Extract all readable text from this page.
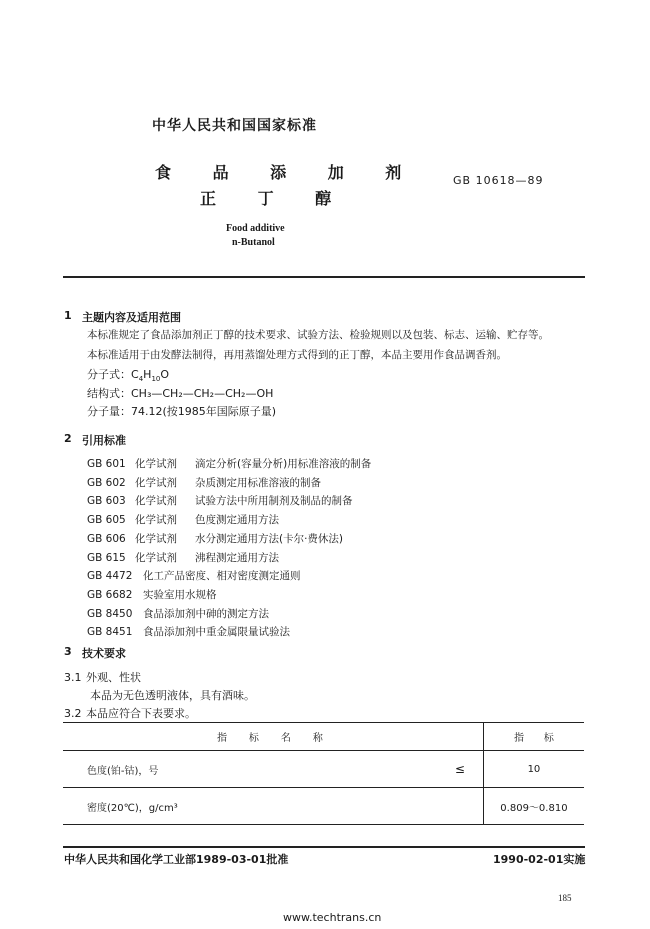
中华人民共和国国家标准
食 品 添 加 剂
正 丁 醇
GB 10618—89
Food additive
n-Butanol
1 主题内容及适用范围
本标准规定了食品添加剂正丁醇的技术要求、试验方法、检验规则以及包装、标志、运输、贮存等。
本标准适用于由发酵法制得，再用蒸馏处理方式得到的正丁醇，本品主要用作食品调香剂。
分子式：$C_4H_{10}O$
结构式：CH₃—CH₂—CH₂—CH₂—OH
分子量：74.12(按1985年国际原子量)
2 引用标准
GB 601 化学试剂 滴定分析(容量分析)用标准溶液的制备
GB 602 化学试剂 杂质测定用标准溶液的制备
GB 603 化学试剂 试验方法中所用制剂及制品的制备
GB 605 化学试剂 色度测定通用方法
GB 606 化学试剂 水分测定通用方法(卡尔·费休法)
GB 615 化学试剂 沸程测定通用方法
GB 4472 化工产品密度、相对密度测定通则
GB 6682 实验室用水规格
GB 8450 食品添加剂中砷的测定方法
GB 8451 食品添加剂中重金属限量试验法
3 技术要求
3.1 外观、性状
本品为无色透明液体，具有酒味。
3.2 本品应符合下表要求。
指　标　名　称		指　　标
色度(铂-钴)，号	≤	10
密度(20℃)，g/cm³		0.809～0.810
中华人民共和国化学工业部1989-03-01批准	1990-02-01实施
185
www.techtrans.cn
